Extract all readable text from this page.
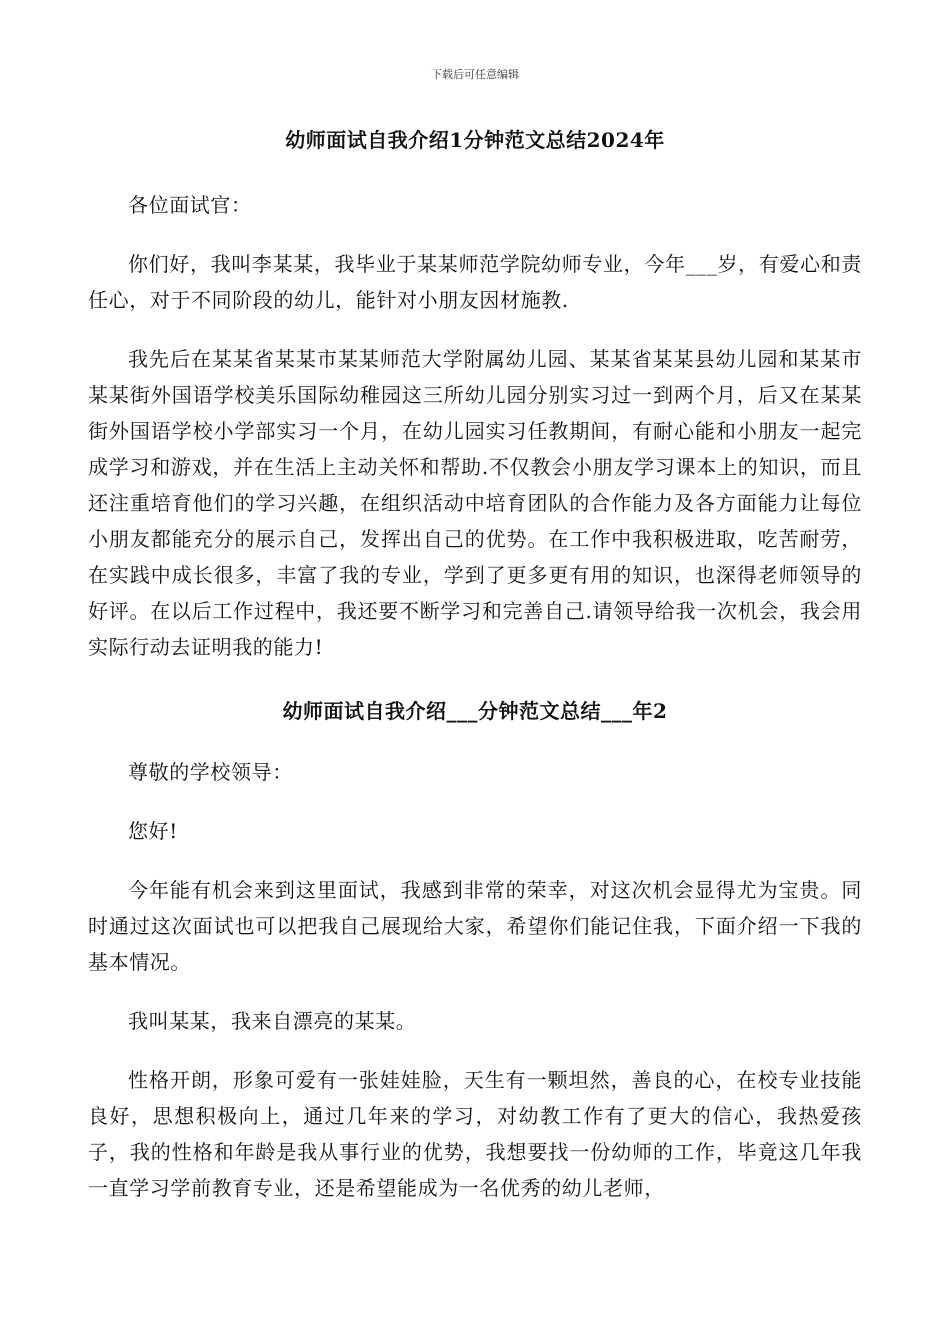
下载后可任意编辑
幼师面试自我介绍1分钟范文总结2024年

各位面试官：

你们好，我叫李某某，我毕业于某某师范学院幼师专业，今年___岁，有爱心和责任心，对于不同阶段的幼儿，能针对小朋友因材施教.

我先后在某某省某某市某某师范大学附属幼儿园、某某省某某县幼儿园和某某市某某街外国语学校美乐国际幼稚园这三所幼儿园分别实习过一到两个月，后又在某某街外国语学校小学部实习一个月，在幼儿园实习任教期间，有耐心能和小朋友一起完成学习和游戏，并在生活上主动关怀和帮助.不仅教会小朋友学习课本上的知识，而且还注重培育他们的学习兴趣，在组织活动中培育团队的合作能力及各方面能力让每位小朋友都能充分的展示自己，发挥出自己的优势。在工作中我积极进取，吃苦耐劳，在实践中成长很多，丰富了我的专业，学到了更多更有用的知识，也深得老师领导的好评。在以后工作过程中，我还要不断学习和完善自己.请领导给我一次机会，我会用实际行动去证明我的能力!

幼师面试自我介绍___分钟范文总结___年2

尊敬的学校领导：

您好!

今年能有机会来到这里面试，我感到非常的荣幸，对这次机会显得尤为宝贵。同时通过这次面试也可以把我自己展现给大家，希望你们能记住我，下面介绍一下我的基本情况。

我叫某某，我来自漂亮的某某。

性格开朗，形象可爱有一张娃娃脸，天生有一颗坦然，善良的心，在校专业技能良好，思想积极向上，通过几年来的学习，对幼教工作有了更大的信心，我热爱孩子，我的性格和年龄是我从事行业的优势，我想要找一份幼师的工作，毕竟这几年我一直学习学前教育专业，还是希望能成为一名优秀的幼儿老师，
